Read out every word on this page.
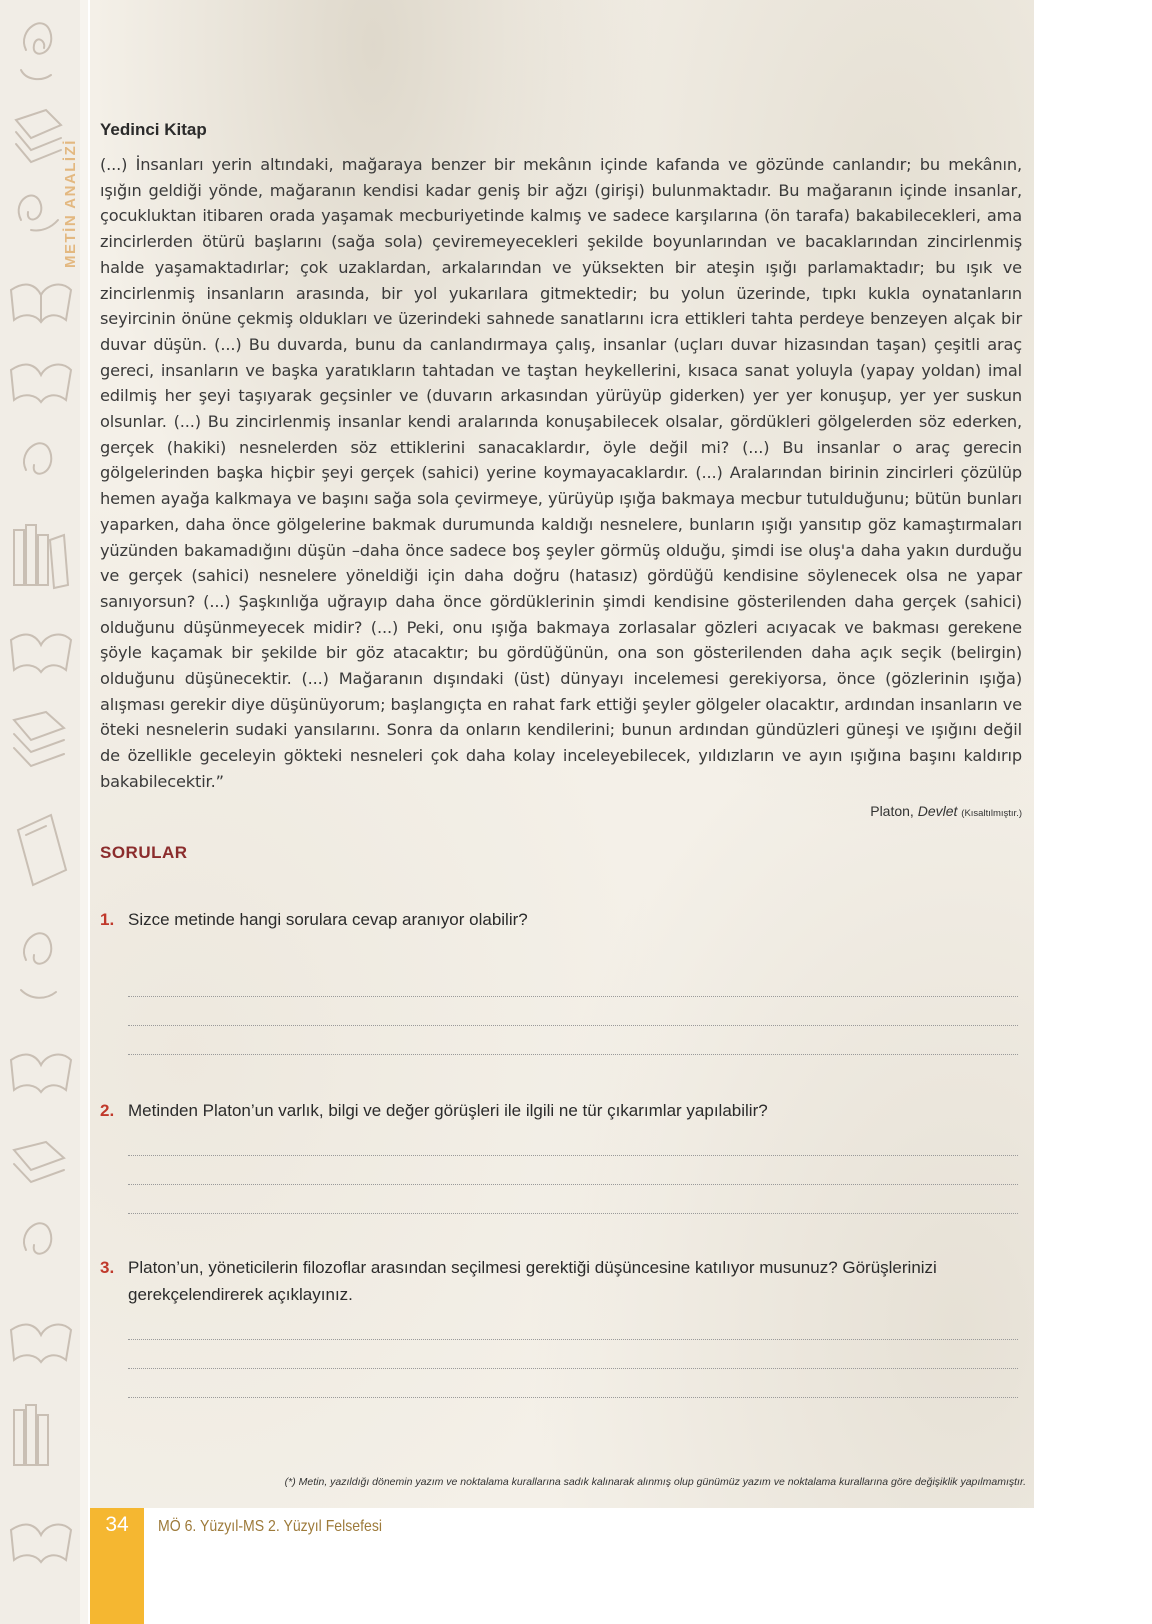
METİN ANALİZİ
Yedinci Kitap

(...) İnsanları yerin altındaki, mağaraya benzer bir mekânın içinde kafanda ve gözünde canlandır; bu mekânın, ışığın geldiği yönde, mağaranın kendisi kadar geniş bir ağzı (girişi) bulunmaktadır. Bu mağaranın içinde insanlar, çocukluktan itibaren orada yaşamak mecburiyetinde kalmış ve sadece karşılarına (ön tarafa) bakabilecekleri, ama zincirlerden ötürü başlarını (sağa sola) çeviremeyecekleri şekilde boyunlarından ve bacaklarından zincirlenmiş halde yaşamaktadırlar; çok uzaklardan, arkalarından ve yüksekten bir ateşin ışığı parlamaktadır; bu ışık ve zincirlenmiş insanların arasında, bir yol yukarılara gitmektedir; bu yolun üzerinde, tıpkı kukla oynatanların seyircinin önüne çekmiş oldukları ve üzerindeki sahnede sanatlarını icra ettikleri tahta perdeye benzeyen alçak bir duvar düşün. (...) Bu duvarda, bunu da canlandırmaya çalış, insanlar (uçları duvar hizasından taşan) çeşitli araç gereci, insanların ve başka yaratıkların tahtadan ve taştan heykellerini, kısaca sanat yoluyla (yapay yoldan) imal edilmiş her şeyi taşıyarak geçsinler ve (duvarın arkasından yürüyüp giderken) yer yer konuşup, yer yer suskun olsunlar. (...) Bu zincirlenmiş insanlar kendi aralarında konuşabilecek olsalar, gördükleri gölgelerden söz ederken, gerçek (hakiki) nesnelerden söz ettiklerini sanacaklardır, öyle değil mi? (...) Bu insanlar o araç gerecin gölgelerinden başka hiçbir şeyi gerçek (sahici) yerine koymayacaklardır. (...) Aralarından birinin zincirleri çözülüp hemen ayağa kalkmaya ve başını sağa sola çevirmeye, yürüyüp ışığa bakmaya mecbur tutulduğunu; bütün bunları yaparken, daha önce gölgelerine bakmak durumunda kaldığı nesnelere, bunların ışığı yansıtıp göz kamaştırmaları yüzünden bakamadığını düşün –daha önce sadece boş şeyler görmüş olduğu, şimdi ise oluş'a daha yakın durduğu ve gerçek (sahici) nesnelere yöneldiği için daha doğru (hatasız) gördüğü kendisine söylenecek olsa ne yapar sanıyorsun? (...) Şaşkınlığa uğrayıp daha önce gördüklerinin şimdi kendisine gösterilenden daha gerçek (sahici) olduğunu düşünmeyecek midir? (...) Peki, onu ışığa bakmaya zorlasalar gözleri acıyacak ve bakması gerekene şöyle kaçamak bir şekilde bir göz atacaktır; bu gördüğünün, ona son gösterilenden daha açık seçik (belirgin) olduğunu düşünecektir. (...) Mağaranın dışındaki (üst) dünyayı incelemesi gerekiyorsa, önce (gözlerinin ışığa) alışması gerekir diye düşünüyorum; başlangıçta en rahat fark ettiği şeyler gölgeler olacaktır, ardından insanların ve öteki nesnelerin sudaki yansılarını. Sonra da onların kendilerini; bunun ardından gündüzleri güneşi ve ışığını değil de özellikle geceleyin gökteki nesneleri çok daha kolay inceleyebilecek, yıldızların ve ayın ışığına başını kaldırıp bakabilecektir.”

Platon, Devlet (Kısaltılmıştır.)
SORULAR
1. Sizce metinde hangi sorulara cevap aranıyor olabilir?
2. Metinden Platon’un varlık, bilgi ve değer görüşleri ile ilgili ne tür çıkarımlar yapılabilir?
3. Platon’un, yöneticilerin filozoflar arasından seçilmesi gerektiği düşüncesine katılıyor musunuz? Görüşlerinizi gerekçelendirerek açıklayınız.
(*) Metin, yazıldığı dönemin yazım ve noktalama kurallarına sadık kalınarak alınmış olup günümüz yazım ve noktalama kurallarına göre değişiklik yapılmamıştır.
34	MÖ 6. Yüzyıl-MS 2. Yüzyıl Felsefesi
